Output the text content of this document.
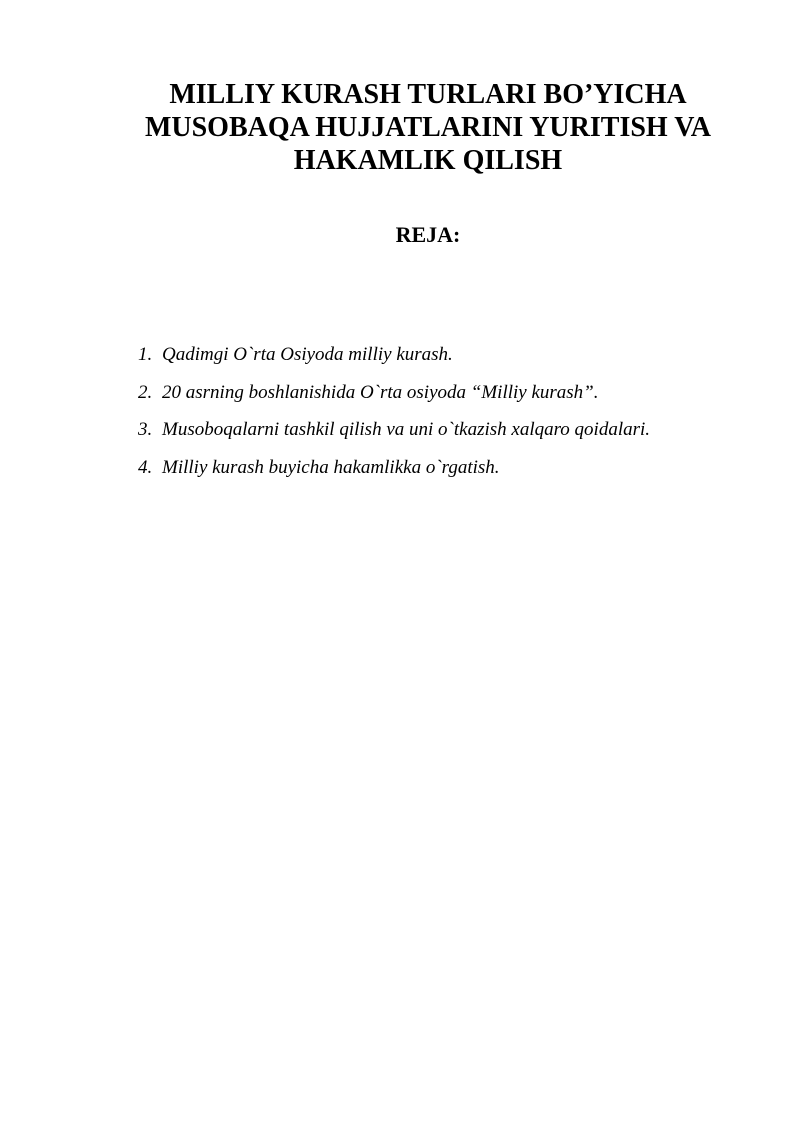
MILLIY KURASH TURLARI BO’YICHA
MUSOBAQA HUJJATLARINI YURITISH VA
HAKAMLIK QILISH
REJA:
1. Qadimgi O`rta Osiyoda milliy kurash.
2. 20 asrning boshlanishida O`rta osiyoda “Milliy kurash”.
3. Musoboqalarni tashkil qilish va uni o`tkazish xalqaro qoidalari.
4. Milliy kurash buyicha hakamlikka o`rgatish.
